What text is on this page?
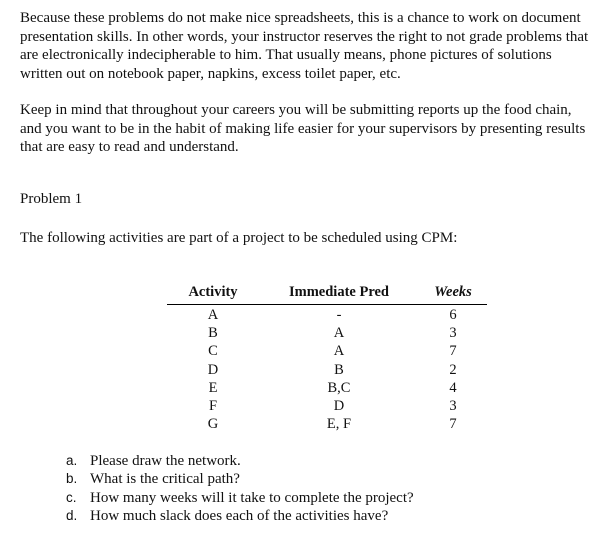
Because these problems do not make nice spreadsheets, this is a chance to work on document presentation skills. In other words, your instructor reserves the right to not grade problems that are electronically indecipherable to him. That usually means, phone pictures of solutions written out on notebook paper, napkins, excess toilet paper, etc.

Keep in mind that throughout your careers you will be submitting reports up the food chain, and you want to be in the habit of making life easier for your supervisors by presenting results that are easy to read and understand.

Problem 1

The following activities are part of a project to be scheduled using CPM:

Activity	Immediate Pred	Weeks
A	-	6
B	A	3
C	A	7
D	B	2
E	B,C	4
F	D	3
G	E, F	7
a. Please draw the network.
b. What is the critical path?
c. How many weeks will it take to complete the project?
d. How much slack does each of the activities have?
